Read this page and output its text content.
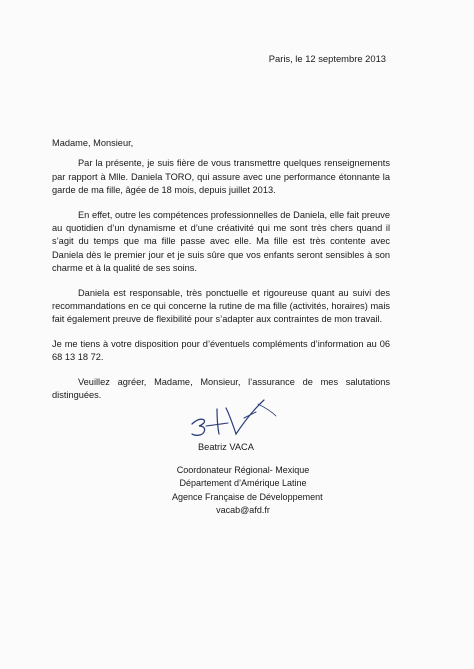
Paris, le 12 septembre 2013

Madame, Monsieur,

Par la présente, je suis fière de vous transmettre quelques renseignements par rapport à Mlle. Daniela TORO, qui assure avec une performance étonnante la garde de ma fille, âgée de 18 mois, depuis juillet 2013.

En effet, outre les compétences professionnelles de Daniela, elle fait preuve au quotidien d’un dynamisme et d’une créativité qui me sont très chers quand il s’agit du temps que ma fille passe avec elle. Ma fille est très contente avec Daniela dès le premier jour et je suis sûre que vos enfants seront sensibles à son charme et à la qualité de ses soins.

Daniela est responsable, très ponctuelle et rigoureuse quant au suivi des recommandations en ce qui concerne la rutine de ma fille (activités, horaires) mais fait également preuve de flexibilité pour s’adapter aux contraintes de mon travail.

Je me tiens à votre disposition pour d’éventuels compléments d’information au 06 68 13 18 72.

Veuillez agréer, Madame, Monsieur, l’assurance de mes salutations distinguées.

Beatriz VACA
Coordonateur Régional- Mexique
Département d’Amérique Latine
Agence Française de Développement
vacab@afd.fr
